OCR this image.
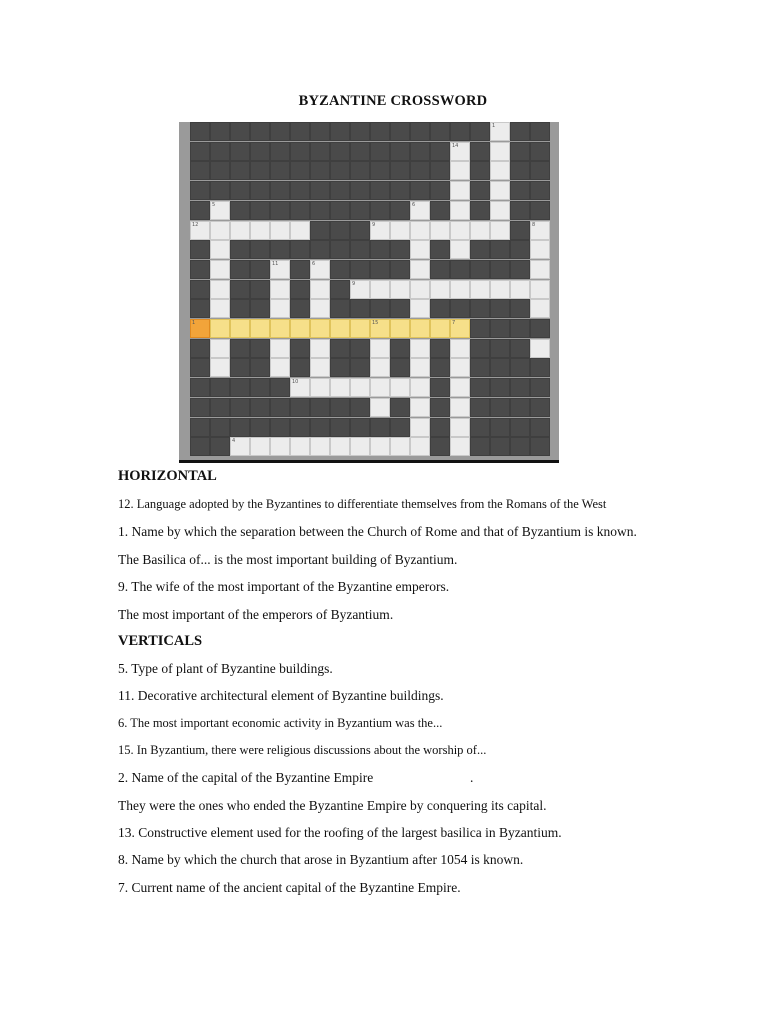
BYZANTINE CROSSWORD
1
14
5	6
12	9	8
11	6
9
1	15	7
10
4

HORIZONTAL

12. Language adopted by the Byzantines to differentiate themselves from the Romans of the West

1. Name by which the separation between the Church of Rome and that of Byzantium is known.

The Basilica of... is the most important building of Byzantium.

9. The wife of the most important of the Byzantine emperors.

The most important of the emperors of Byzantium.

VERTICALS

5. Type of plant of Byzantine buildings.

11. Decorative architectural element of Byzantine buildings.

6. The most important economic activity in Byzantium was the...

15. In Byzantium, there were religious discussions about the worship of...

2. Name of the capital of the Byzantine Empire	.

They were the ones who ended the Byzantine Empire by conquering its capital.

13. Constructive element used for the roofing of the largest basilica in Byzantium.

8. Name by which the church that arose in Byzantium after 1054 is known.

7. Current name of the ancient capital of the Byzantine Empire.
